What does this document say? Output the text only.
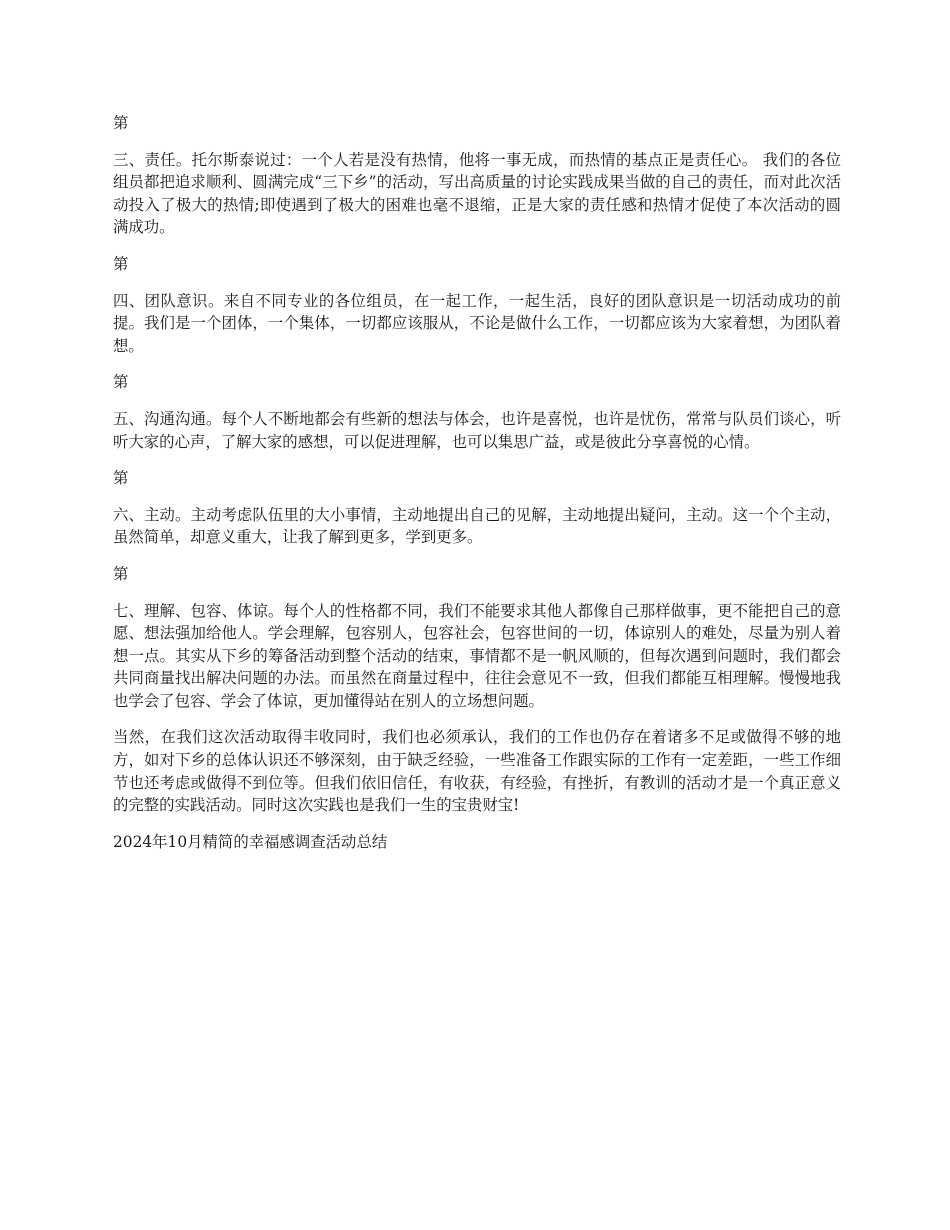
第

三、责任。托尔斯泰说过：一个人若是没有热情，他将一事无成，而热情的基点正是责任心。 我们的各位组员都把追求顺利、圆满完成“三下乡”的活动，写出高质量的讨论实践成果当做的自己的责任，而对此次活动投入了极大的热情;即使遇到了极大的困难也毫不退缩，正是大家的责任感和热情才促使了本次活动的圆满成功。

第

四、团队意识。来自不同专业的各位组员，在一起工作，一起生活，良好的团队意识是一切活动成功的前提。我们是一个团体，一个集体，一切都应该服从，不论是做什么工作，一切都应该为大家着想，为团队着想。

第

五、沟通沟通。每个人不断地都会有些新的想法与体会，也许是喜悦，也许是忧伤，常常与队员们谈心，听听大家的心声，了解大家的感想，可以促进理解，也可以集思广益，或是彼此分享喜悦的心情。

第

六、主动。主动考虑队伍里的大小事情，主动地提出自己的见解，主动地提出疑问，主动。这一个个主动，虽然简单，却意义重大，让我了解到更多，学到更多。

第

七、理解、包容、体谅。每个人的性格都不同，我们不能要求其他人都像自己那样做事，更不能把自己的意愿、想法强加给他人。学会理解，包容别人，包容社会，包容世间的一切，体谅别人的难处，尽量为别人着想一点。其实从下乡的筹备活动到整个活动的结束，事情都不是一帆风顺的，但每次遇到问题时，我们都会共同商量找出解决问题的办法。而虽然在商量过程中，往往会意见不一致，但我们都能互相理解。慢慢地我也学会了包容、学会了体谅，更加懂得站在别人的立场想问题。

当然，在我们这次活动取得丰收同时，我们也必须承认，我们的工作也仍存在着诸多不足或做得不够的地方，如对下乡的总体认识还不够深刻，由于缺乏经验，一些准备工作跟实际的工作有一定差距，一些工作细节也还考虑或做得不到位等。但我们依旧信任，有收获，有经验，有挫折，有教训的活动才是一个真正意义的完整的实践活动。同时这次实践也是我们一生的宝贵财宝!

2024年10月精简的幸福感调查活动总结
